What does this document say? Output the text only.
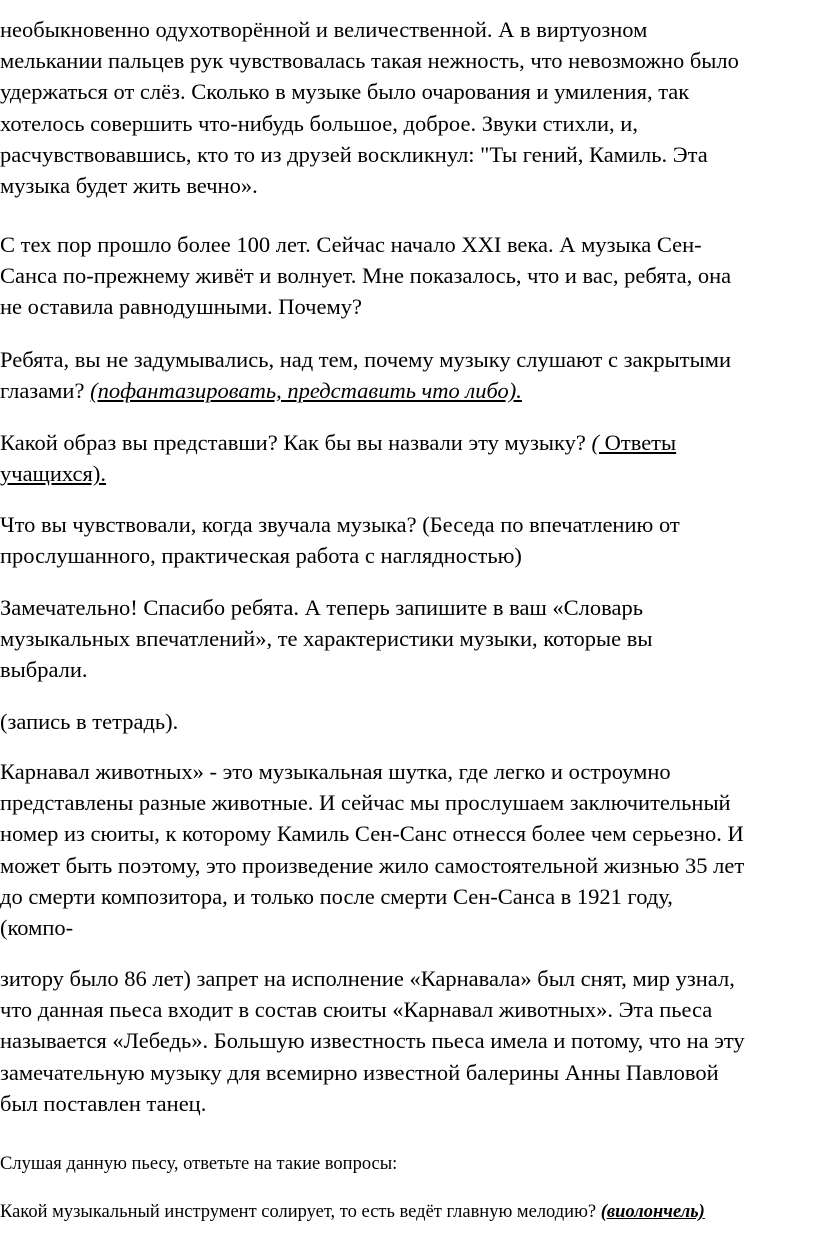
необыкновенно одухотворённой и величественной. А в виртуозном
мелькании пальцев рук чувствовалась такая нежность, что невозможно было
удержаться от слёз. Сколько в музыке было очарования и умиления, так
хотелось совершить что-нибудь большое, доброе. Звуки стихли, и,
расчувствовавшись, кто то из друзей воскликнул: "Ты гений, Камиль. Эта
музыка будет жить вечно».

С тех пор прошло более 100 лет. Сейчас начало XXI века. А музыка Сен-
Санса по-прежнему живёт и волнует. Мне показалось, что и вас, ребята, она
не оставила равнодушными. Почему?

Ребята, вы не задумывались, над тем, почему музыку слушают с закрытыми
глазами? (пофантазировать, представить что либо).

Какой образ вы представши? Как бы вы назвали эту музыку? ( Ответы
учащихся).

Что вы чувствовали, когда звучала музыка? (Беседа по впечатлению от
прослушанного, практическая работа с наглядностью)

Замечательно! Спасибо ребята. А теперь запишите в ваш «Словарь
музыкальных впечатлений», те характеристики музыки, которые вы
выбрали.

(запись в тетрадь).

Карнавал животных» - это музыкальная шутка, где легко и остроумно
представлены разные животные. И сейчас мы прослушаем заключительный
номер из сюиты, к которому Камиль Сен-Санс отнесся более чем серьезно. И
может быть поэтому, это произведение жило самостоятельной жизнью 35 лет
до смерти композитора, и только после смерти Сен-Санса в 1921 году,
(компо-

зитору было 86 лет) запрет на исполнение «Карнавала» был снят, мир узнал,
что данная пьеса входит в состав сюиты «Карнавал животных». Эта пьеса
называется «Лебедь». Большую известность пьеса имела и потому, что на эту
замечательную музыку для всемирно известной балерины Анны Павловой
был поставлен танец.

Слушая данную пьесу, ответьте на такие вопросы:

Какой музыкальный инструмент солирует, то есть ведёт главную мелодию? (виолончель)
